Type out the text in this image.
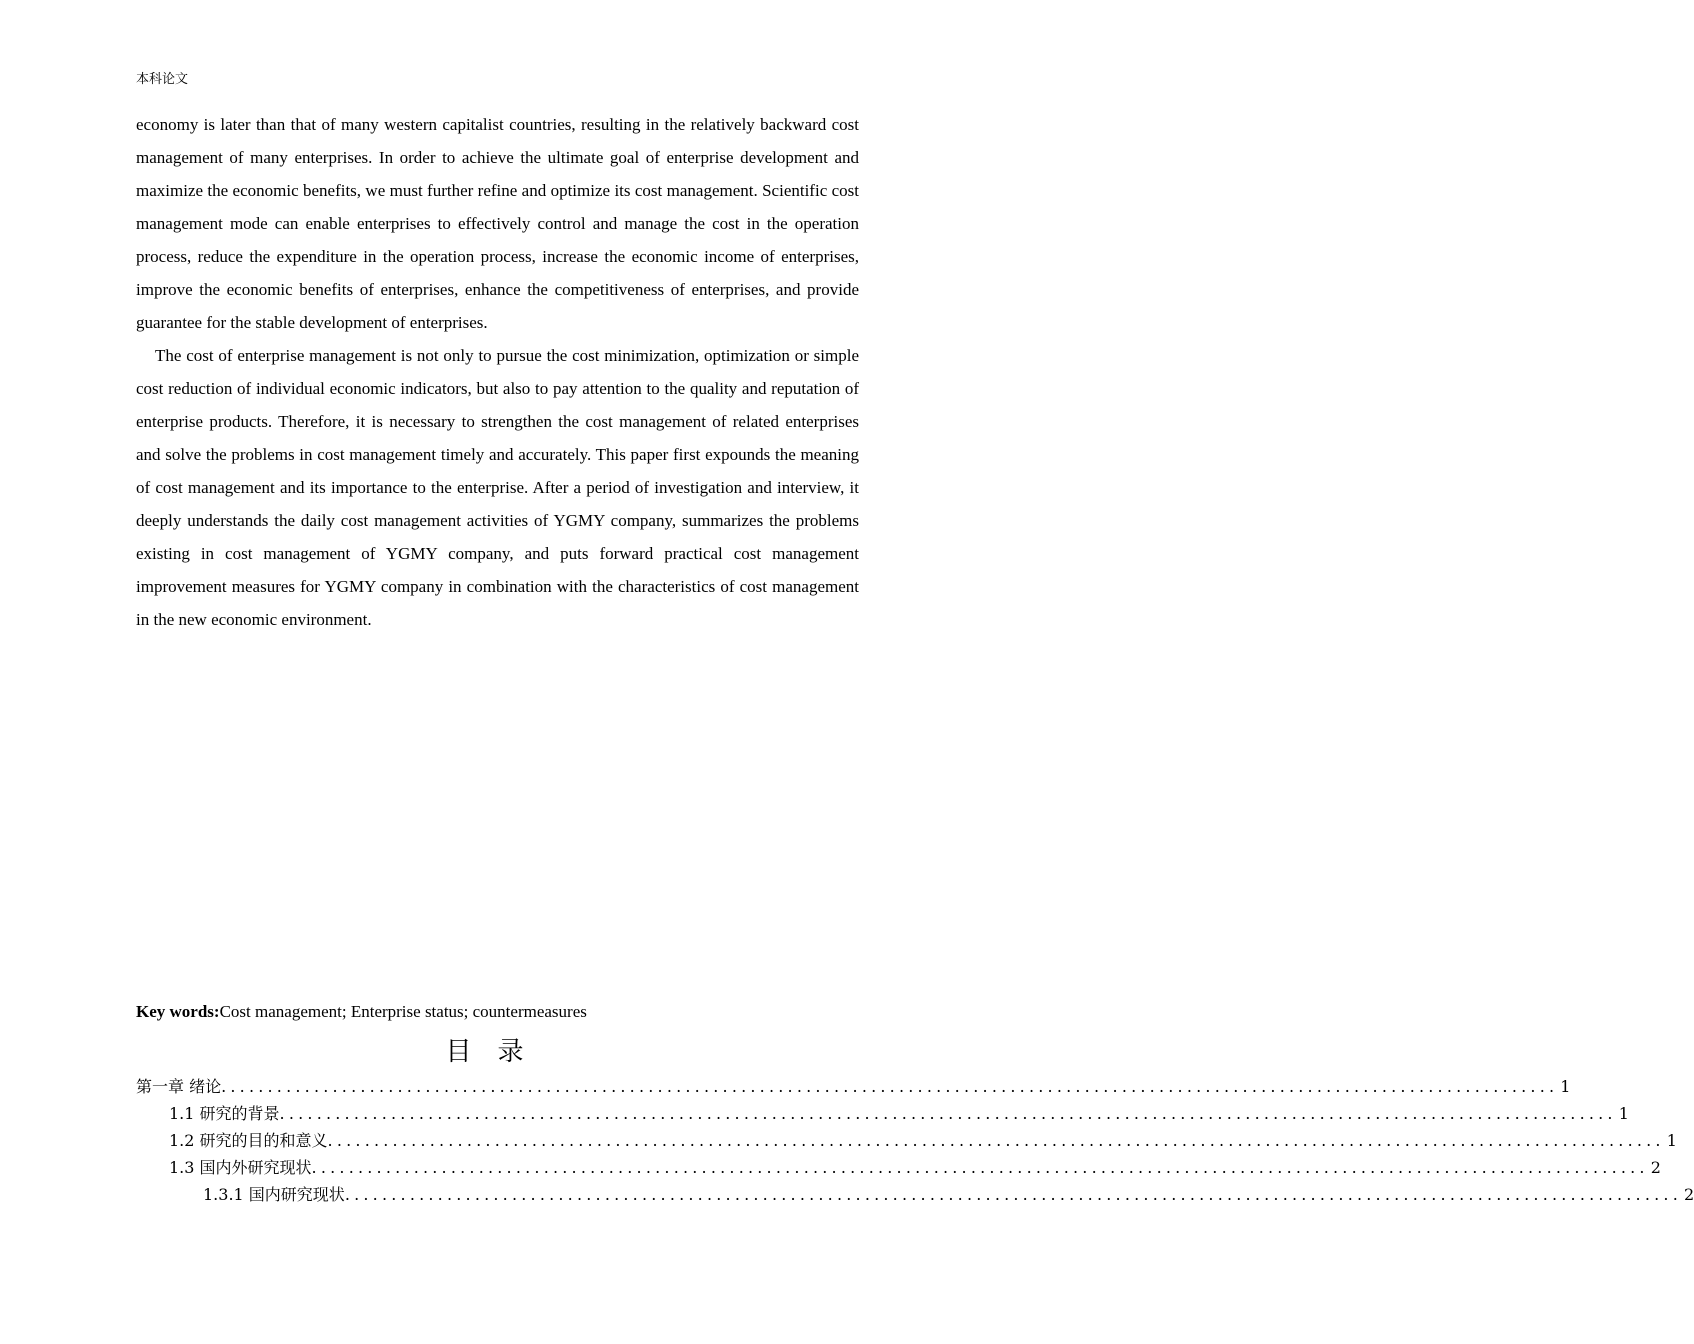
本科论文

economy is later than that of many western capitalist countries, resulting in the relatively backward cost management of many enterprises. In order to achieve the ultimate goal of enterprise development and maximize the economic benefits, we must further refine and optimize its cost management. Scientific cost management mode can enable enterprises to effectively control and manage the cost in the operation process, reduce the expenditure in the operation process, increase the economic income of enterprises, improve the economic benefits of enterprises, enhance the competitiveness of enterprises, and provide guarantee for the stable development of enterprises.

The cost of enterprise management is not only to pursue the cost minimization, optimization or simple cost reduction of individual economic indicators, but also to pay attention to the quality and reputation of enterprise products. Therefore, it is necessary to strengthen the cost management of related enterprises and solve the problems in cost management timely and accurately. This paper first expounds the meaning of cost management and its importance to the enterprise. After a period of investigation and interview, it deeply understands the daily cost management activities of YGMY company, summarizes the problems existing in cost management of YGMY company, and puts forward practical cost management improvement measures for YGMY company in combination with the characteristics of cost management in the new economic environment.

Key words:Cost management; Enterprise status; countermeasures
目录
第一章 绪论 ................................................................................................................................................ 1
1.1 研究的背景 ................................................................................................................................................ 1
1.2 研究的目的和意义 ................................................................................................................................................ 1
1.3 国内外研究现状 ................................................................................................................................................ 2
1.3.1 国内研究现状 ................................................................................................................................................ 2
